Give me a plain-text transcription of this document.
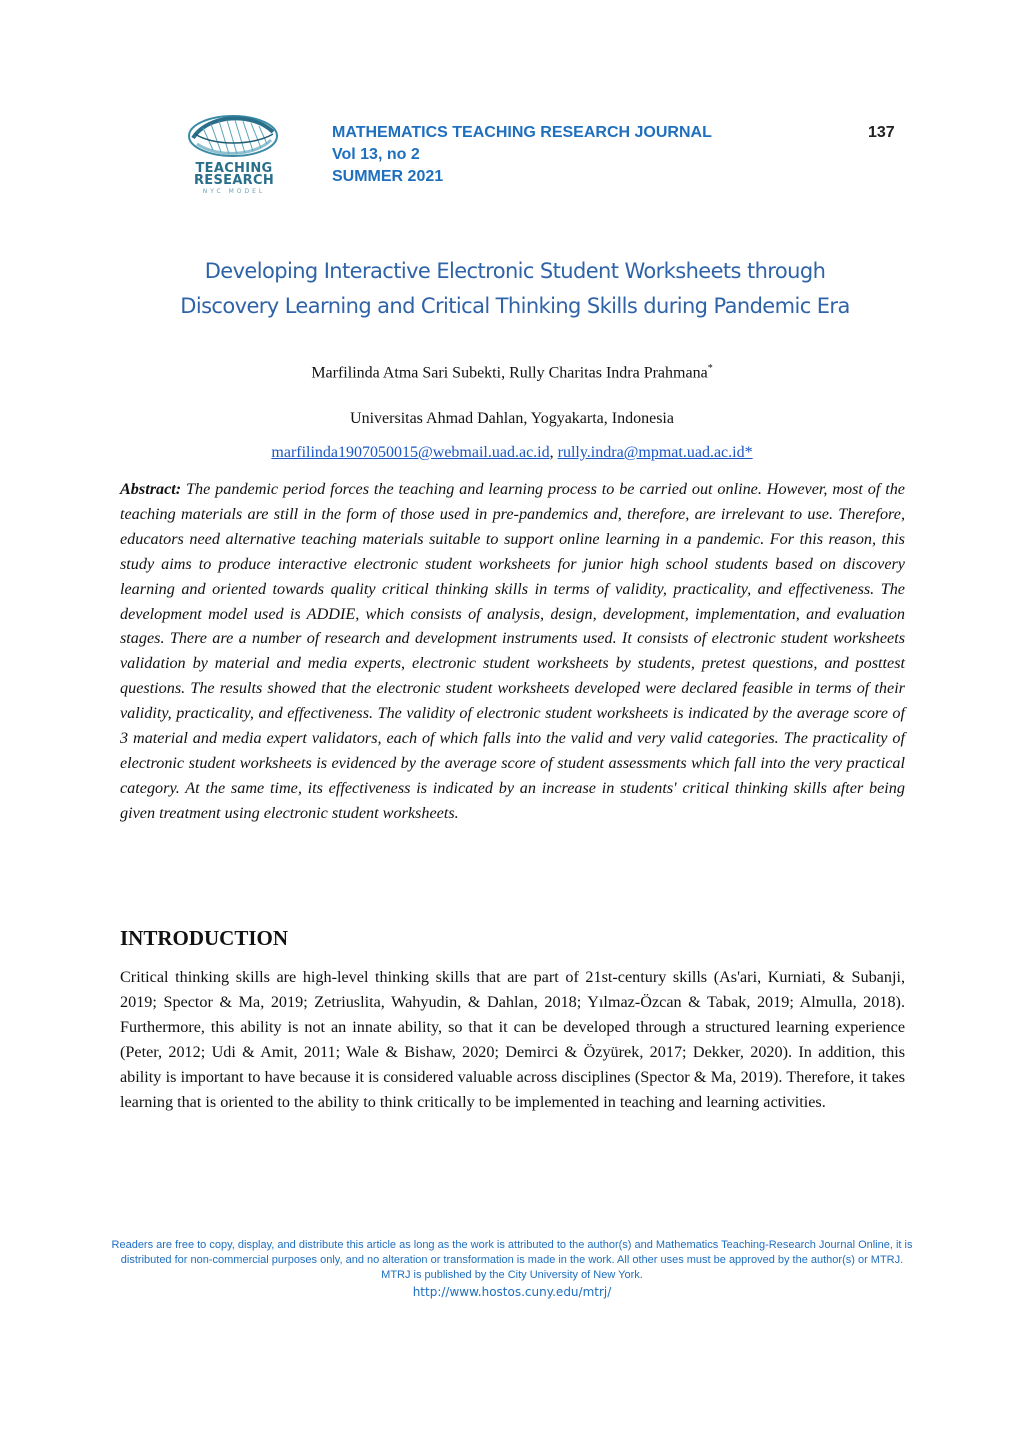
TEACHING
RESEARCH
NYC MODEL
MATHEMATICS TEACHING RESEARCH JOURNAL
Vol 13, no 2
SUMMER 2021
137
Developing Interactive Electronic Student Worksheets through
Discovery Learning and Critical Thinking Skills during Pandemic Era
Marfilinda Atma Sari Subekti, Rully Charitas Indra Prahmana*
Universitas Ahmad Dahlan, Yogyakarta, Indonesia
marfilinda1907050015@webmail.uad.ac.id, rully.indra@mpmat.uad.ac.id*
Abstract: The pandemic period forces the teaching and learning process to be carried out online. However, most of the teaching materials are still in the form of those used in pre-pandemics and, therefore, are irrelevant to use. Therefore, educators need alternative teaching materials suitable to support online learning in a pandemic. For this reason, this study aims to produce interactive electronic student worksheets for junior high school students based on discovery learning and oriented towards quality critical thinking skills in terms of validity, practicality, and effectiveness. The development model used is ADDIE, which consists of analysis, design, development, implementation, and evaluation stages. There are a number of research and development instruments used. It consists of electronic student worksheets validation by material and media experts, electronic student worksheets by students, pretest questions, and posttest questions. The results showed that the electronic student worksheets developed were declared feasible in terms of their validity, practicality, and effectiveness. The validity of electronic student worksheets is indicated by the average score of 3 material and media expert validators, each of which falls into the valid and very valid categories. The practicality of electronic student worksheets is evidenced by the average score of student assessments which fall into the very practical category. At the same time, its effectiveness is indicated by an increase in students' critical thinking skills after being given treatment using electronic student worksheets.
INTRODUCTION
Critical thinking skills are high-level thinking skills that are part of 21st-century skills (As'ari, Kurniati, & Subanji, 2019; Spector & Ma, 2019; Zetriuslita, Wahyudin, & Dahlan, 2018; Yılmaz-Özcan & Tabak, 2019; Almulla, 2018). Furthermore, this ability is not an innate ability, so that it can be developed through a structured learning experience (Peter, 2012; Udi & Amit, 2011; Wale & Bishaw, 2020; Demirci & Özyürek, 2017; Dekker, 2020). In addition, this ability is important to have because it is considered valuable across disciplines (Spector & Ma, 2019). Therefore, it takes learning that is oriented to the ability to think critically to be implemented in teaching and learning activities.
Readers are free to copy, display, and distribute this article as long as the work is attributed to the author(s) and Mathematics Teaching-Research Journal Online, it is distributed for non-commercial purposes only, and no alteration or transformation is made in the work. All other uses must be approved by the author(s) or MTRJ. MTRJ is published by the City University of New York.
http://www.hostos.cuny.edu/mtrj/
